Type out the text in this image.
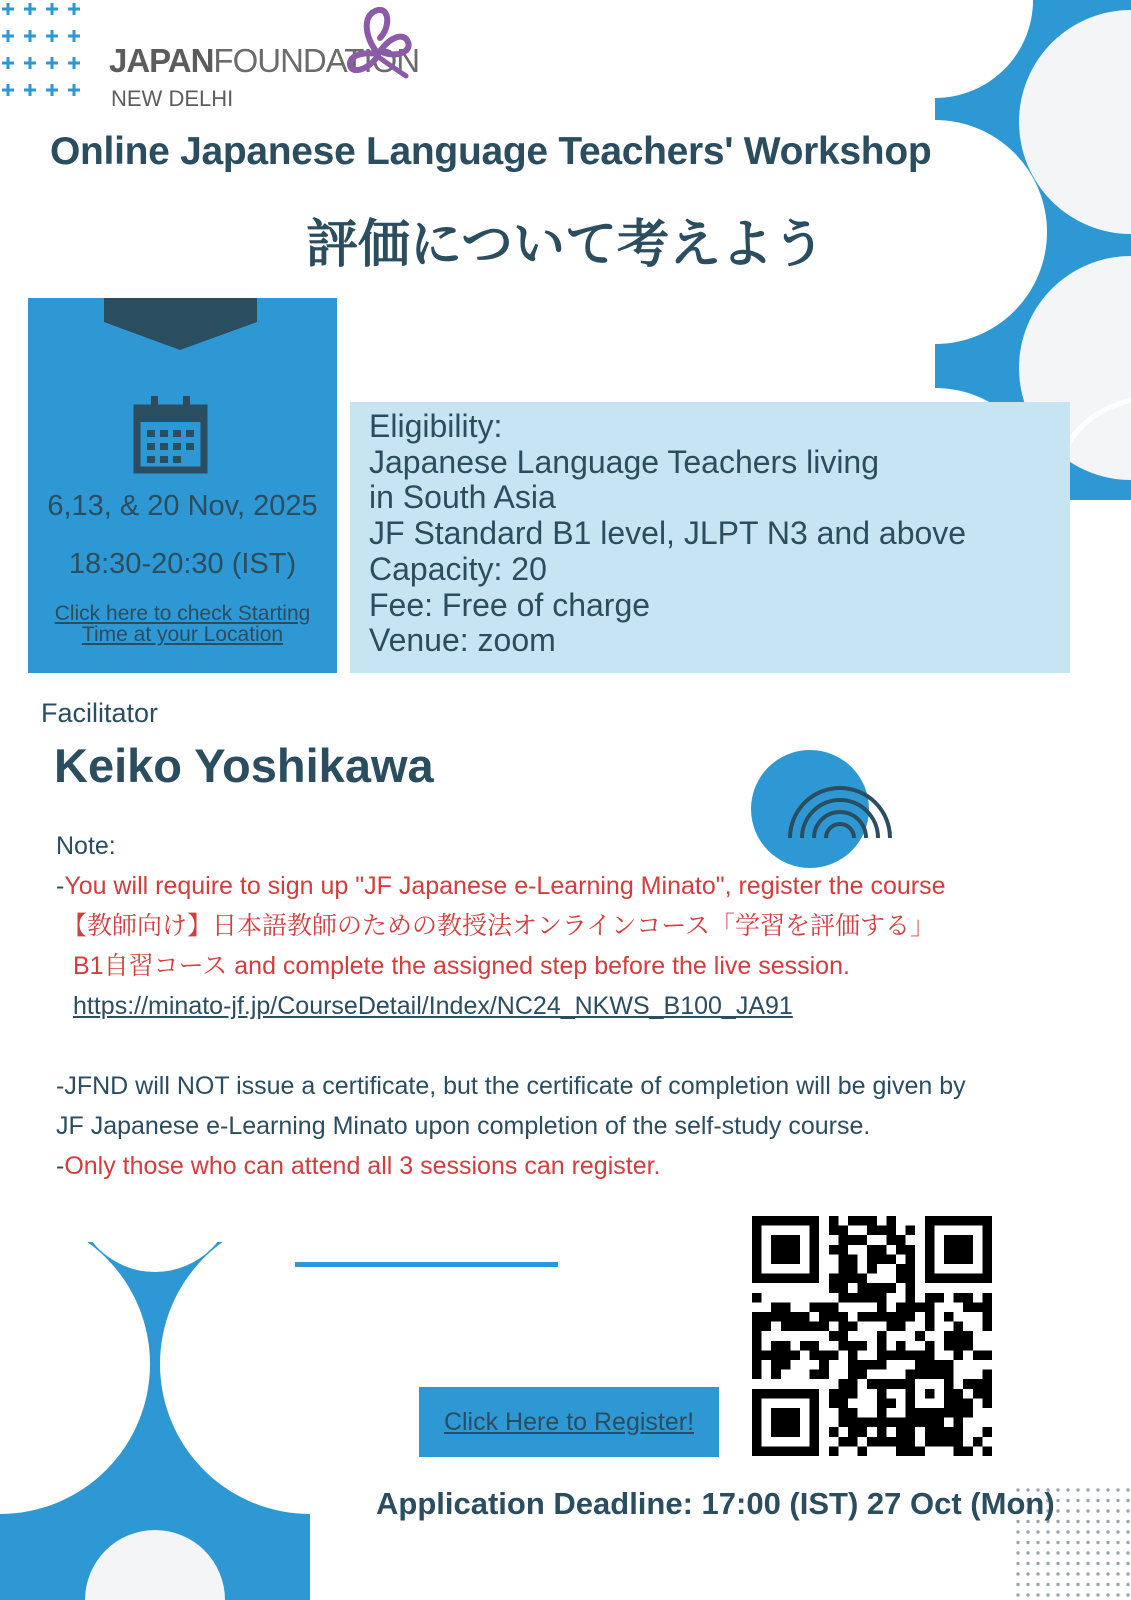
JAPANFOUNDATION
NEW DELHI
Online Japanese Language Teachers' Workshop
評価について考えよう
6,13, & 20 Nov, 2025
18:30-20:30 (IST)
Click here to check Starting
Time at your Location
Eligibility:
Japanese Language Teachers living
in South Asia
JF Standard B1 level, JLPT N3 and above
Capacity: 20
Fee: Free of charge
Venue: zoom
Facilitator
Keiko Yoshikawa
Note:
-You will require to sign up "JF Japanese e-Learning Minato", register the course
【教師向け】日本語教師のための教授法オンラインコース「学習を評価する」
B1自習コース and complete the assigned step before the live session.
https://minato-jf.jp/CourseDetail/Index/NC24_NKWS_B100_JA91
-JFND will NOT issue a certificate, but the certificate of completion will be given by
JF Japanese e-Learning Minato upon completion of the self-study course.
-Only those who can attend all 3 sessions can register.
Click Here to Register!
Application Deadline: 17:00 (IST) 27 Oct (Mon)
